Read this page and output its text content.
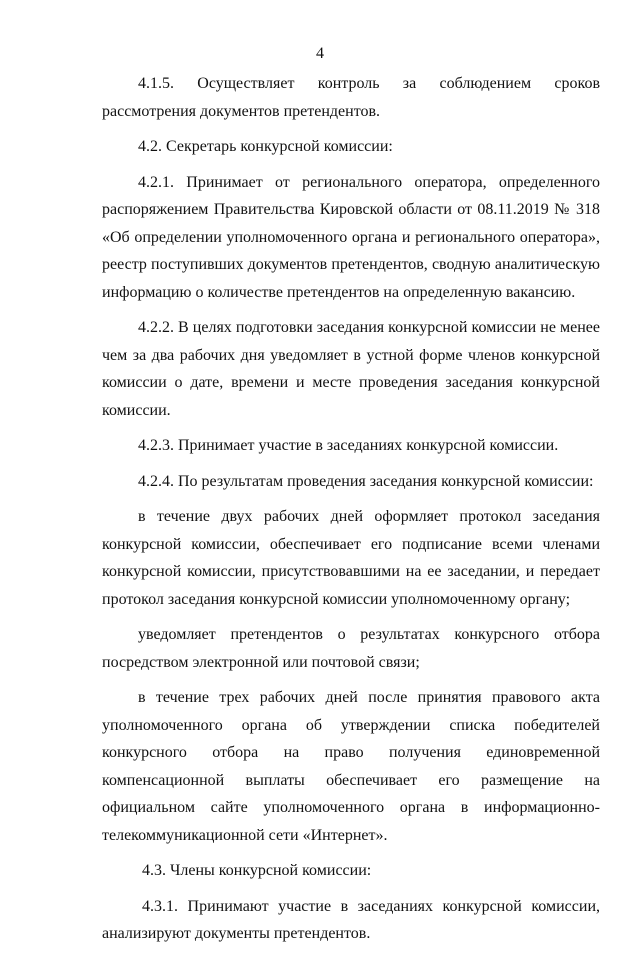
4

4.1.5. Осуществляет контроль за соблюдением сроков рассмотрения документов претендентов.

4.2. Секретарь конкурсной комиссии:

4.2.1. Принимает от регионального оператора, определенного распоряжением Правительства Кировской области от 08.11.2019 № 318 «Об определении уполномоченного органа и регионального оператора», реестр поступивших документов претендентов, сводную аналитическую информацию о количестве претендентов на определенную вакансию.

4.2.2. В целях подготовки заседания конкурсной комиссии не менее чем за два рабочих дня уведомляет в устной форме членов конкурсной комиссии о дате, времени и месте проведения заседания конкурсной комиссии.

4.2.3. Принимает участие в заседаниях конкурсной комиссии.

4.2.4. По результатам проведения заседания конкурсной комиссии:

в течение двух рабочих дней оформляет протокол заседания конкурсной комиссии, обеспечивает его подписание всеми членами конкурсной комиссии, присутствовавшими на ее заседании, и передает протокол заседания конкурсной комиссии уполномоченному органу;

уведомляет претендентов о результатах конкурсного отбора посредством электронной или почтовой связи;

в течение трех рабочих дней после принятия правового акта уполномоченного органа об утверждении списка победителей конкурсного отбора на право получения единовременной компенсационной выплаты обеспечивает его размещение на официальном сайте уполномоченного органа в информационно-телекоммуникационной сети «Интернет».

4.3. Члены конкурсной комиссии:

4.3.1. Принимают участие в заседаниях конкурсной комиссии, анализируют документы претендентов.
